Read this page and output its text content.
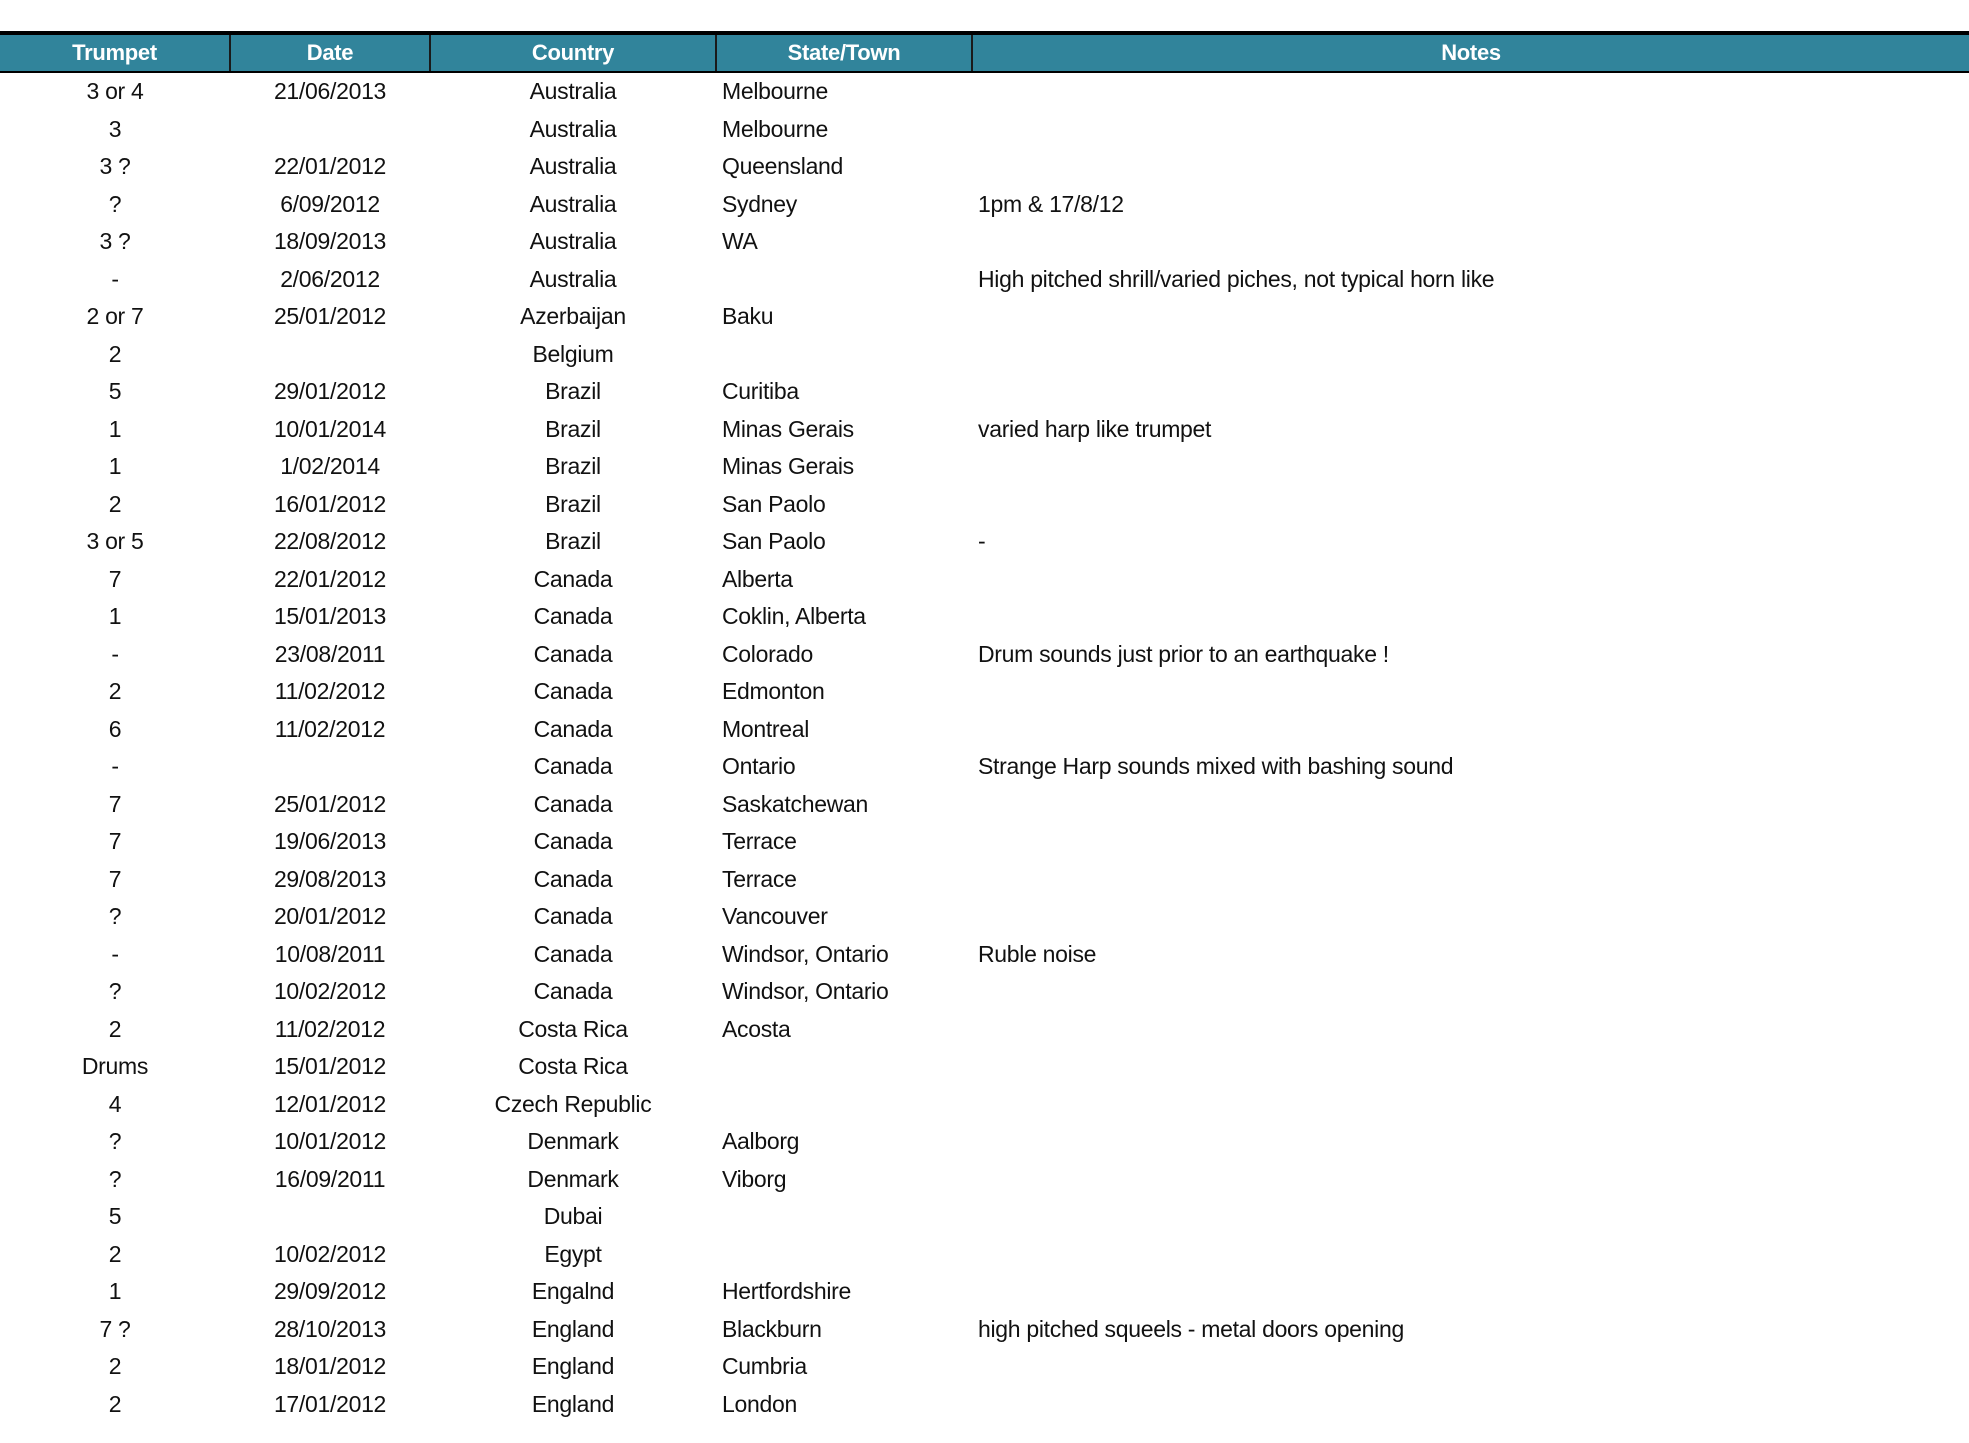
Trumpet	Date	Country	State/Town	Notes
3 or 4	21/06/2013	Australia	Melbourne	
3		Australia	Melbourne	
3 ?	22/01/2012	Australia	Queensland	
?	6/09/2012	Australia	Sydney	1pm & 17/8/12
3 ?	18/09/2013	Australia	WA	
-	2/06/2012	Australia		High pitched shrill/varied piches, not typical horn like
2 or 7	25/01/2012	Azerbaijan	Baku	
2		Belgium		
5	29/01/2012	Brazil	Curitiba	
1	10/01/2014	Brazil	Minas Gerais	varied harp like trumpet
1	1/02/2014	Brazil	Minas Gerais	
2	16/01/2012	Brazil	San Paolo	
3 or 5	22/08/2012	Brazil	San Paolo	-
7	22/01/2012	Canada	Alberta	
1	15/01/2013	Canada	Coklin, Alberta	
-	23/08/2011	Canada	Colorado	Drum sounds just prior to an earthquake !
2	11/02/2012	Canada	Edmonton	
6	11/02/2012	Canada	Montreal	
-		Canada	Ontario	Strange Harp sounds mixed with bashing sound
7	25/01/2012	Canada	Saskatchewan	
7	19/06/2013	Canada	Terrace	
7	29/08/2013	Canada	Terrace	
?	20/01/2012	Canada	Vancouver	
-	10/08/2011	Canada	Windsor, Ontario	Ruble noise
?	10/02/2012	Canada	Windsor, Ontario	
2	11/02/2012	Costa Rica	Acosta	
Drums	15/01/2012	Costa Rica		
4	12/01/2012	Czech Republic		
?	10/01/2012	Denmark	Aalborg	
?	16/09/2011	Denmark	Viborg	
5		Dubai		
2	10/02/2012	Egypt		
1	29/09/2012	Engalnd	Hertfordshire	
7 ?	28/10/2013	England	Blackburn	high pitched squeels - metal doors opening
2	18/01/2012	England	Cumbria	
2	17/01/2012	England	London	
